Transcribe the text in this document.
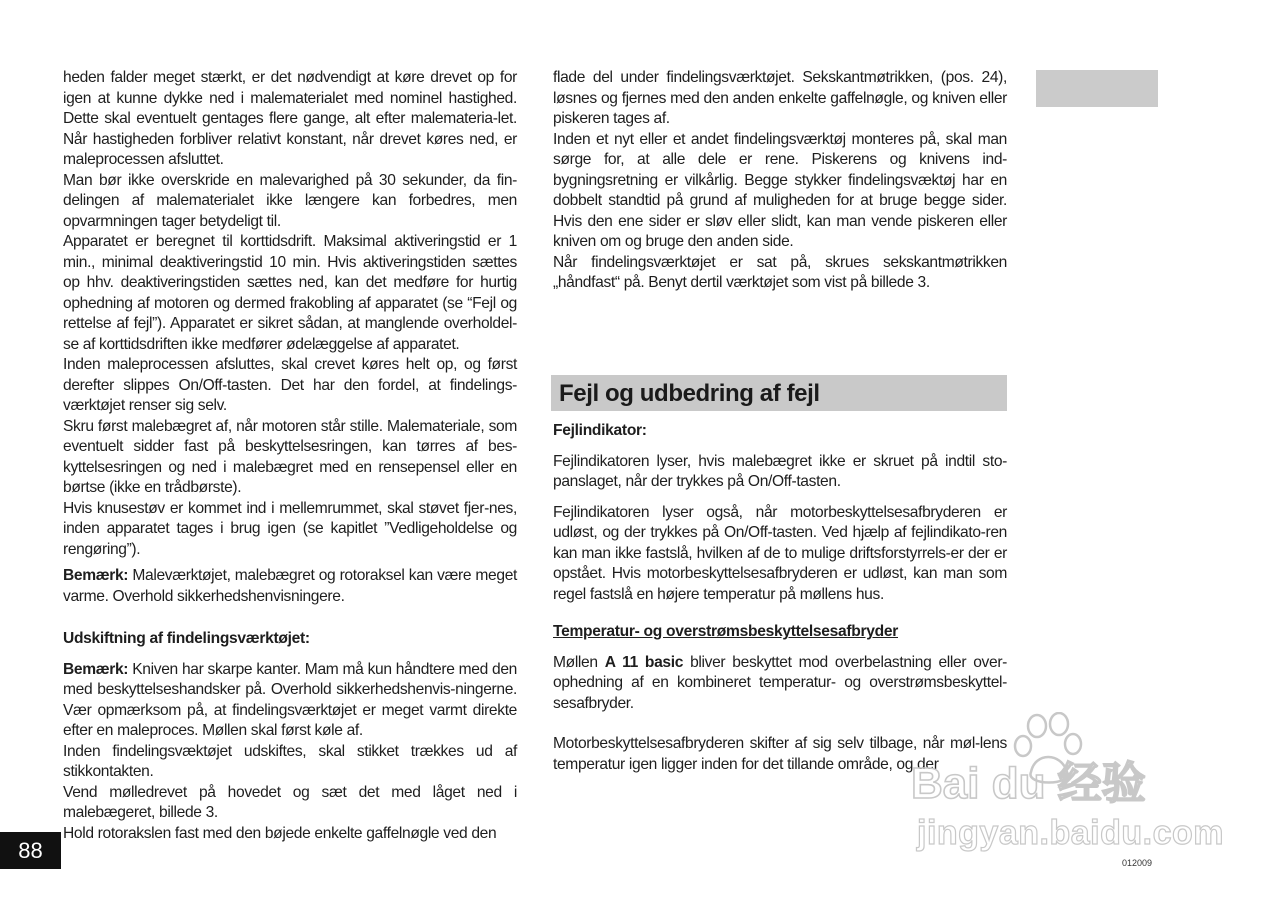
heden falder meget stærkt, er det nødvendigt at køre drevet op for igen at kunne dykke ned i malematerialet med nominel hastighed. Dette skal eventuelt gentages flere gange, alt efter malemateria-let. Når hastigheden forbliver relativt konstant, når drevet køres ned, er maleprocessen afsluttet.

Man bør ikke overskride en malevarighed på 30 sekunder, da fin-delingen af malematerialet ikke længere kan forbedres, men opvarmningen tager betydeligt til.

Apparatet er beregnet til korttidsdrift. Maksimal aktiveringstid er 1 min., minimal deaktiveringstid 10 min. Hvis aktiveringstiden sættes op hhv. deaktiveringstiden sættes ned, kan det medføre for hurtig ophedning af motoren og dermed frakobling af apparatet (se “Fejl og rettelse af fejl”). Apparatet er sikret sådan, at manglende overholdel-se af korttidsdriften ikke medfører ødelæggelse af apparatet.

Inden maleprocessen afsluttes, skal crevet køres helt op, og først derefter slippes On/Off-tasten. Det har den fordel, at findelings-værktøjet renser sig selv.

Skru først malebægret af, når motoren står stille. Malemateriale, som eventuelt sidder fast på beskyttelsesringen, kan tørres af bes-kyttelsesringen og ned i malebægret med en rensepensel eller en børtse (ikke en trådbørste).

Hvis knusestøv er kommet ind i mellemrummet, skal støvet fjer-nes, inden apparatet tages i brug igen (se kapitlet ”Vedligeholdelse og rengøring”).

Bemærk: Maleværktøjet, malebægret og rotoraksel kan være meget varme. Overhold sikkerhedshenvisningere.

Udskiftning af findelingsværktøjet:

Bemærk: Kniven har skarpe kanter. Mam må kun håndtere med den med beskyttelseshandsker på. Overhold sikkerhedshenvis-ningerne. Vær opmærksom på, at findelingsværktøjet er meget varmt direkte efter en maleproces. Møllen skal først køle af.

Inden findelingsvæktøjet udskiftes, skal stikket trækkes ud af stikkontakten.

Vend mølledrevet på hovedet og sæt det med låget ned i malebægeret, billede 3.

Hold rotorakslen fast med den bøjede enkelte gaffelnøgle ved den

flade del under findelingsværktøjet. Sekskantmøtrikken, (pos. 24), løsnes og fjernes med den anden enkelte gaffelnøgle, og kniven eller piskeren tages af.

Inden et nyt eller et andet findelingsværktøj monteres på, skal man sørge for, at alle dele er rene. Piskerens og knivens ind-bygningsretning er vilkårlig. Begge stykker findelingsvæktøj har en dobbelt standtid på grund af muligheden for at bruge begge sider. Hvis den ene sider er sløv eller slidt, kan man vende piskeren eller kniven om og bruge den anden side.

Når findelingsværktøjet er sat på, skrues sekskantmøtrikken „håndfast“ på. Benyt dertil værktøjet som vist på billede 3.

Fejl og udbedring af fejl

Fejlindikator:

Fejlindikatoren lyser, hvis malebægret ikke er skruet på indtil sto-panslaget, når der trykkes på On/Off-tasten.

Fejlindikatoren lyser også, når motorbeskyttelsesafbryderen er udløst, og der trykkes på On/Off-tasten. Ved hjælp af fejlindikato-ren kan man ikke fastslå, hvilken af de to mulige driftsforstyrrels-er der er opstået. Hvis motorbeskyttelsesafbryderen er udløst, kan man som regel fastslå en højere temperatur på møllens hus.

Temperatur- og overstrømsbeskyttelsesafbryder

Møllen A 11 basic bliver beskyttet mod overbelastning eller over-ophedning af en kombineret temperatur- og overstrømsbeskyttel-sesafbryder.

Motorbeskyttelsesafbryderen skifter af sig selv tilbage, når møl-lens temperatur igen ligger inden for det tillande område, og der

88	012009
Bai du 经验
jingyan.baidu.com
